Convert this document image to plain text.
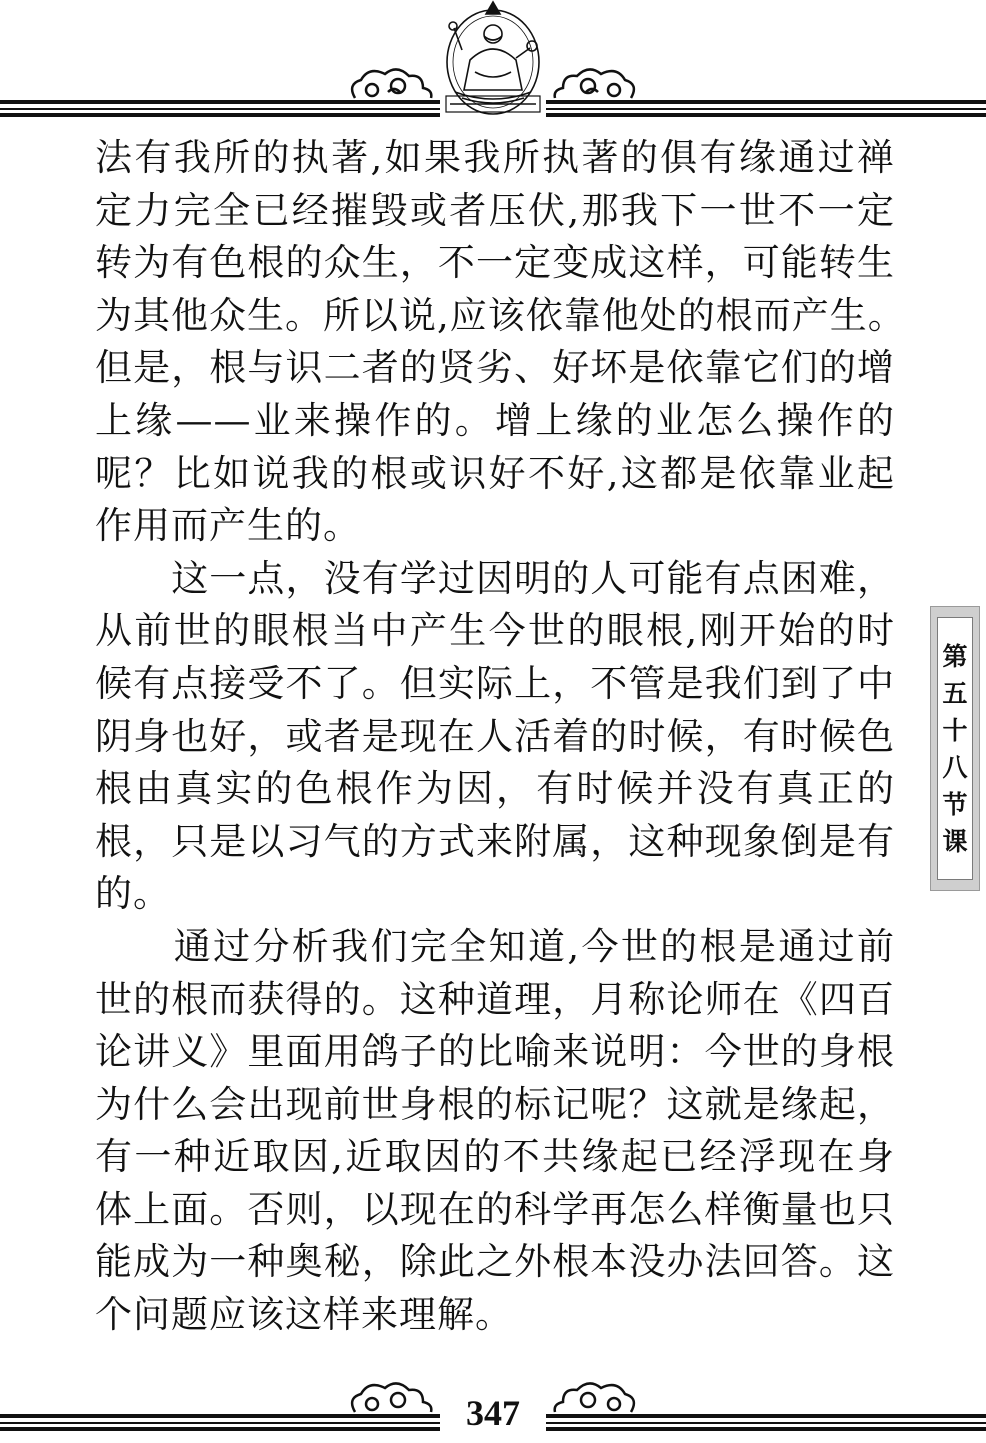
法有我所的执著,如果我所执著的俱有缘通过禅
定力完全已经摧毁或者压伏,那我下一世不一定
转为有色根的众生，不一定变成这样，可能转生
为其他众生。所以说,应该依靠他处的根而产生。
但是，根与识二者的贤劣、好坏是依靠它们的增
上缘——业来操作的。增上缘的业怎么操作的
呢？比如说我的根或识好不好,这都是依靠业起
作用而产生的。
　　这一点，没有学过因明的人可能有点困难，
从前世的眼根当中产生今世的眼根,刚开始的时
候有点接受不了。但实际上，不管是我们到了中
阴身也好，或者是现在人活着的时候，有时候色
根由真实的色根作为因，有时候并没有真正的
根，只是以习气的方式来附属，这种现象倒是有
的。
　　通过分析我们完全知道,今世的根是通过前
世的根而获得的。这种道理，月称论师在《四百
论讲义》里面用鸽子的比喻来说明：今世的身根
为什么会出现前世身根的标记呢？这就是缘起，
有一种近取因,近取因的不共缘起已经浮现在身
体上面。否则，以现在的科学再怎么样衡量也只
能成为一种奥秘，除此之外根本没办法回答。这
个问题应该这样来理解。
第
五
十
八
节
课
347
